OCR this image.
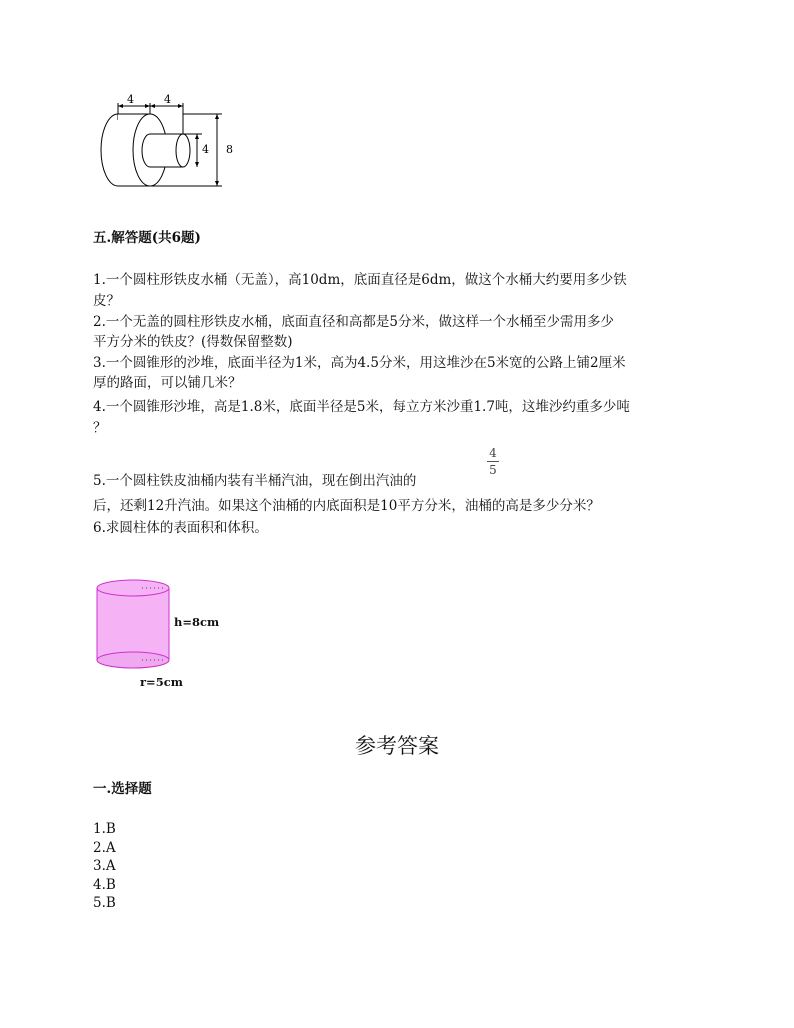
4	4
4 8
五.解答题(共6题)
1.一个圆柱形铁皮水桶（无盖），高10dm，底面直径是6dm，做这个水桶大约要用多少铁
皮？
2.一个无盖的圆柱形铁皮水桶，底面直径和高都是5分米，做这样一个水桶至少需用多少
平方分米的铁皮？(得数保留整数)
3.一个圆锥形的沙堆，底面半径为1米，高为4.5分米，用这堆沙在5米宽的公路上铺2厘米
厚的路面，可以铺几米？
4.一个圆锥形沙堆，高是1.8米，底面半径是5米，每立方米沙重1.7吨，这堆沙约重多少吨
？
5.一个圆柱铁皮油桶内装有半桶汽油，现在倒出汽油的
4
5
后，还剩12升汽油。如果这个油桶的内底面积是10平方分米，油桶的高是多少分米？
6.求圆柱体的表面积和体积。
h=8cm
r=5cm
参考答案
一.选择题
1.B
2.A
3.A
4.B
5.B
